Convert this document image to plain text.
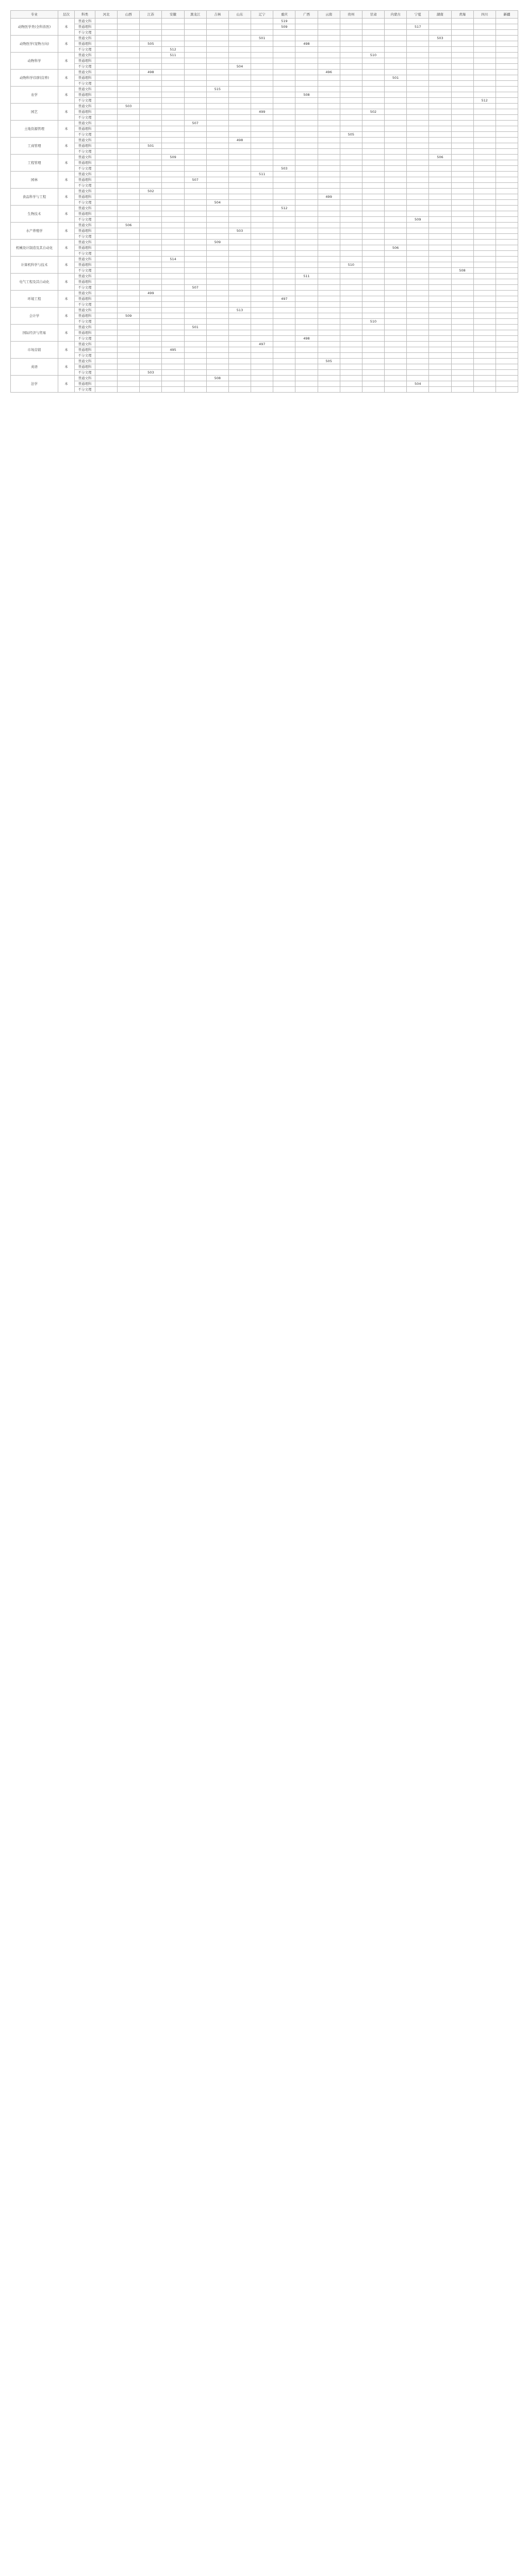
专业	层次	科类	河北	山西	江苏	安徽	黑龙江	吉林	山东	辽宁	重庆	广西	云南	贵州	甘肃	内蒙古	宁夏	湖南	青海	四川	新疆
动物医学类(全科兽医)	本	普通文科									519										
		普通理科									509						517				
		不分文理																			
动物医学(宠物方向)	本	普通文科								501								503			
		普通理科			505							498									
		不分文理				512															
动物科学	本	普通文科				511									510						
		普通理科																			
		不分文理							504												
动物科学(饲料营养)	本	普通文科			498								496								
		普通理科														501					
		不分文理																			
农学	本	普通文科						515													
		普通理科										508									
		不分文理																		512	
园艺	本	普通文科		503																	
		普通理科								499					502						
		不分文理																			
土地资源管理	本	普通文科					507														
		普通理科																			
		不分文理												505							
工商管理	本	普通文科							498												
		普通理科			501																
		不分文理																			
工程管理	本	普通文科				509												506			
		普通理科																			
		不分文理									503										
园林	本	普通文科								511											
		普通理科					507														
		不分文理																			
食品科学与工程	本	普通文科			502																
		普通理科											499								
		不分文理						504													
生物技术	本	普通文科									512										
		普通理科																			
		不分文理															509				
水产养殖学	本	普通文科		506																	
		普通理科							503												
		不分文理																			
机械设计制造及其自动化	本	普通文科						509													
		普通理科														506					
		不分文理																			
计算机科学与技术	本	普通文科				514															
		普通理科												510							
		不分文理																	508		
电气工程及其自动化	本	普通文科										511									
		普通理科																			
		不分文理					507														
环境工程	本	普通文科			499																
		普通理科									497										
		不分文理																			
会计学	本	普通文科							513												
		普通理科		509																	
		不分文理													510						
国际经济与贸易	本	普通文科					501														
		普通理科																			
		不分文理										498									
市场营销	本	普通文科								497											
		普通理科				495															
		不分文理																			
英语	本	普通文科											505								
		普通理科																			
		不分文理			503																
法学	本	普通文科						508													
		普通理科															504				
		不分文理																			
